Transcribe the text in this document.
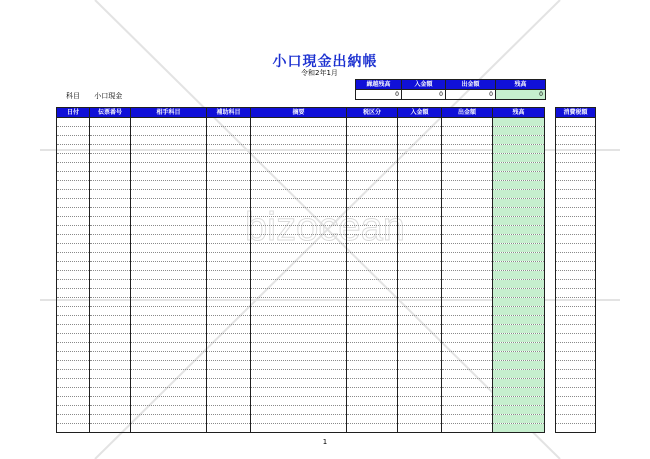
bizocean
小口現金出納帳
令和2年1月
科目 小口現金
繰越残高	入金額	出金額	残高
0	0	0	0
日付	伝票番号	相手科目	補助科目	摘要	税区分	入金額	出金額	残高

									消費税額

1
